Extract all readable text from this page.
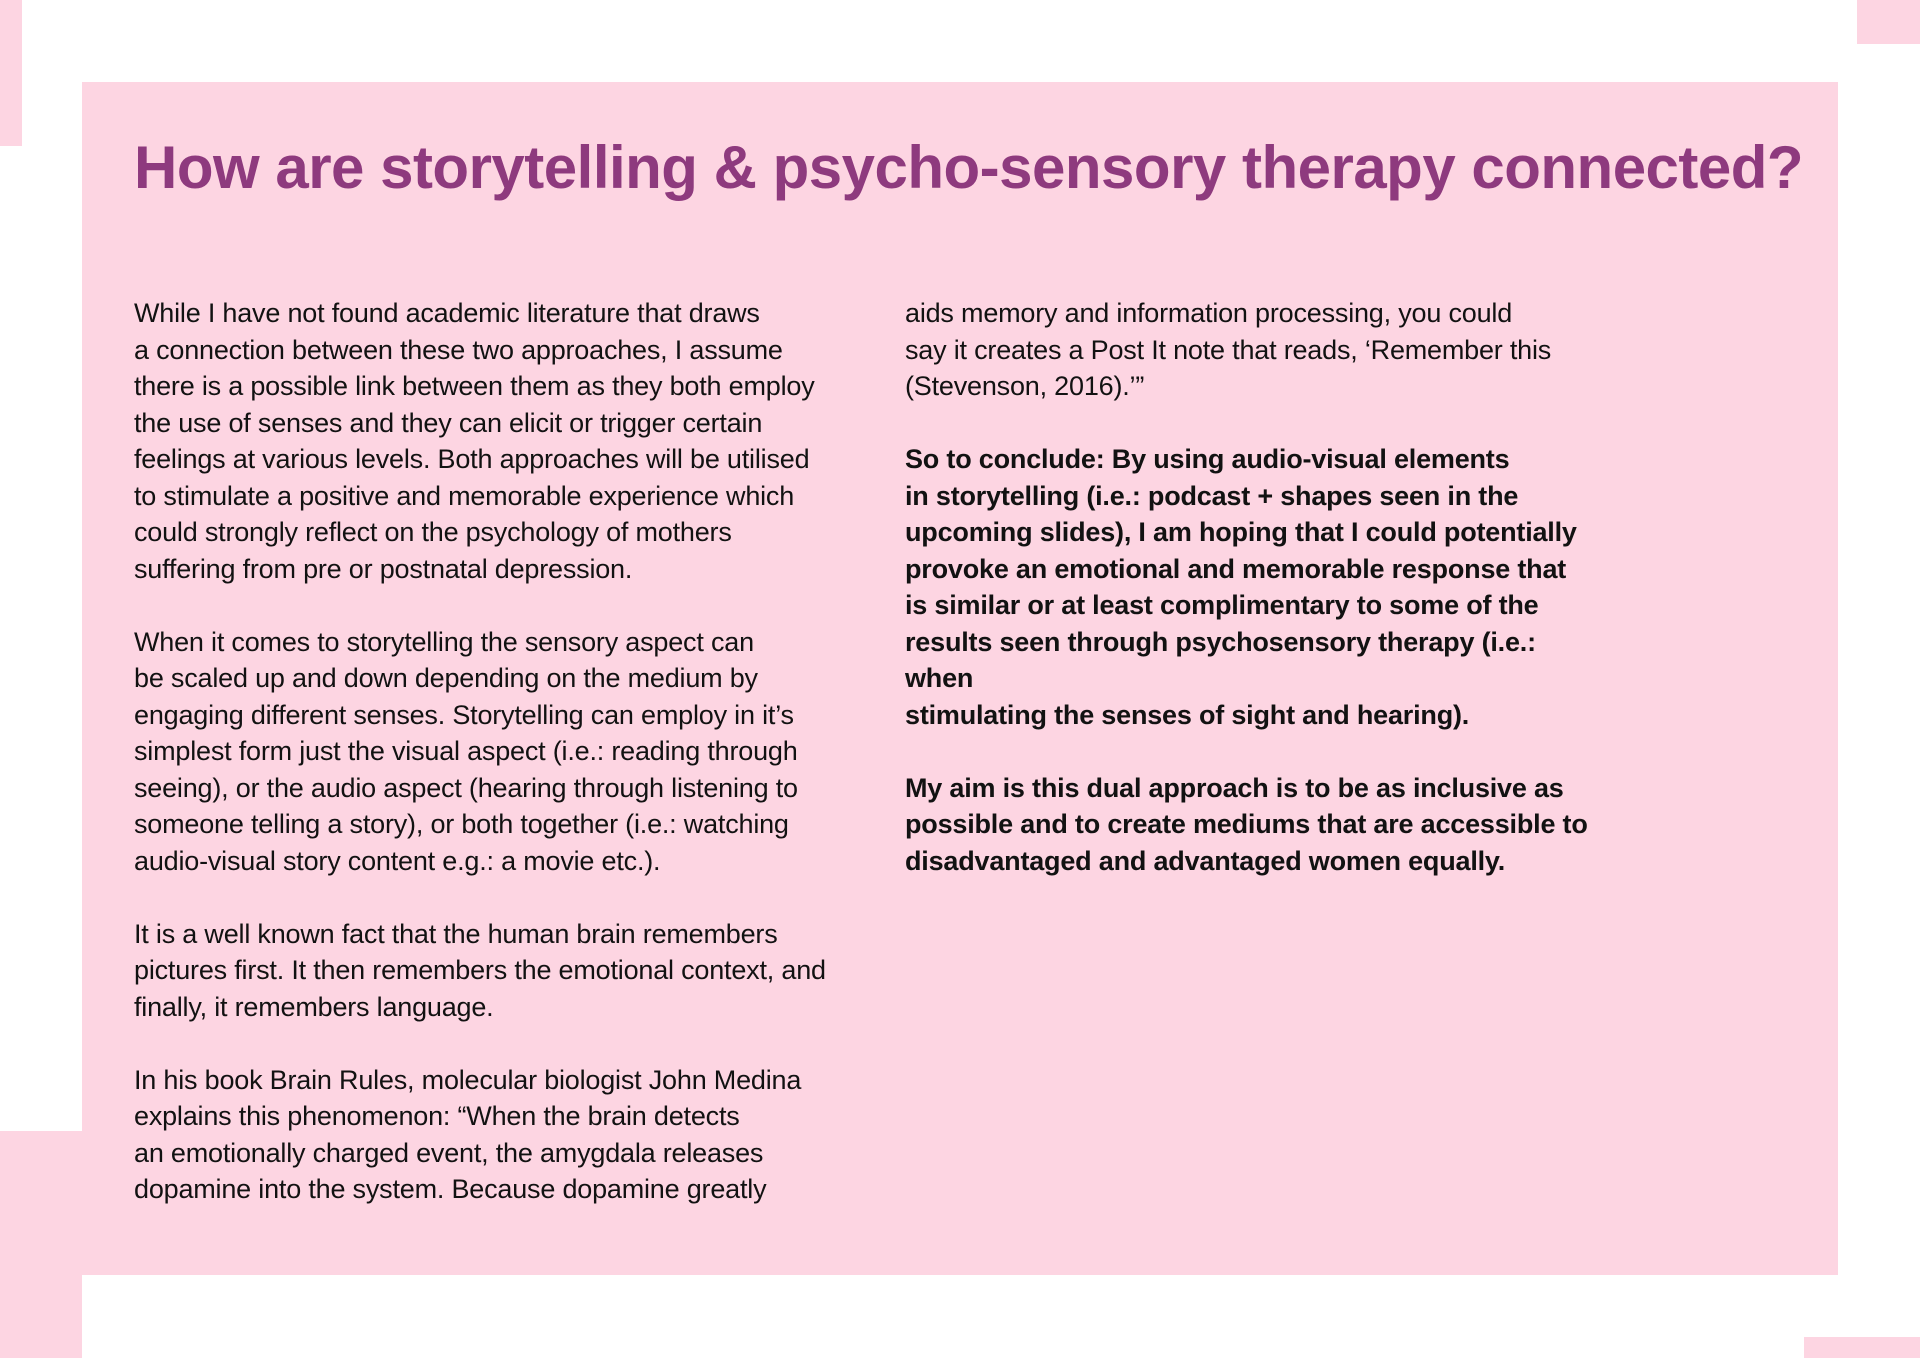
How are storytelling & psycho-sensory therapy connected?

While I have not found academic literature that draws
a connection between these two approaches, I assume
there is a possible link between them as they both employ
the use of senses and they can elicit or trigger certain
feelings at various levels. Both approaches will be utilised
to stimulate a positive and memorable experience which
could strongly reflect on the psychology of mothers
suffering from pre or postnatal depression.

When it comes to storytelling the sensory aspect can
be scaled up and down depending on the medium by
engaging different senses. Storytelling can employ in it’s
simplest form just the visual aspect (i.e.: reading through
seeing), or the audio aspect (hearing through listening to
someone telling a story), or both together (i.e.: watching
audio-visual story content e.g.: a movie etc.).

It is a well known fact that the human brain remembers
pictures first. It then remembers the emotional context, and
finally, it remembers language.

In his book Brain Rules, molecular biologist John Medina
explains this phenomenon: “When the brain detects
an emotionally charged event, the amygdala releases
dopamine into the system. Because dopamine greatly

aids memory and information processing, you could
say it creates a Post It note that reads, ‘Remember this
(Stevenson, 2016).’”

So to conclude: By using audio-visual elements
in storytelling (i.e.: podcast + shapes seen in the
upcoming slides), I am hoping that I could potentially
provoke an emotional and memorable response that
is similar or at least complimentary to some of the
results seen through psychosensory therapy (i.e.: when
stimulating the senses of sight and hearing).

My aim is this dual approach is to be as inclusive as
possible and to create mediums that are accessible to
disadvantaged and advantaged women equally.
